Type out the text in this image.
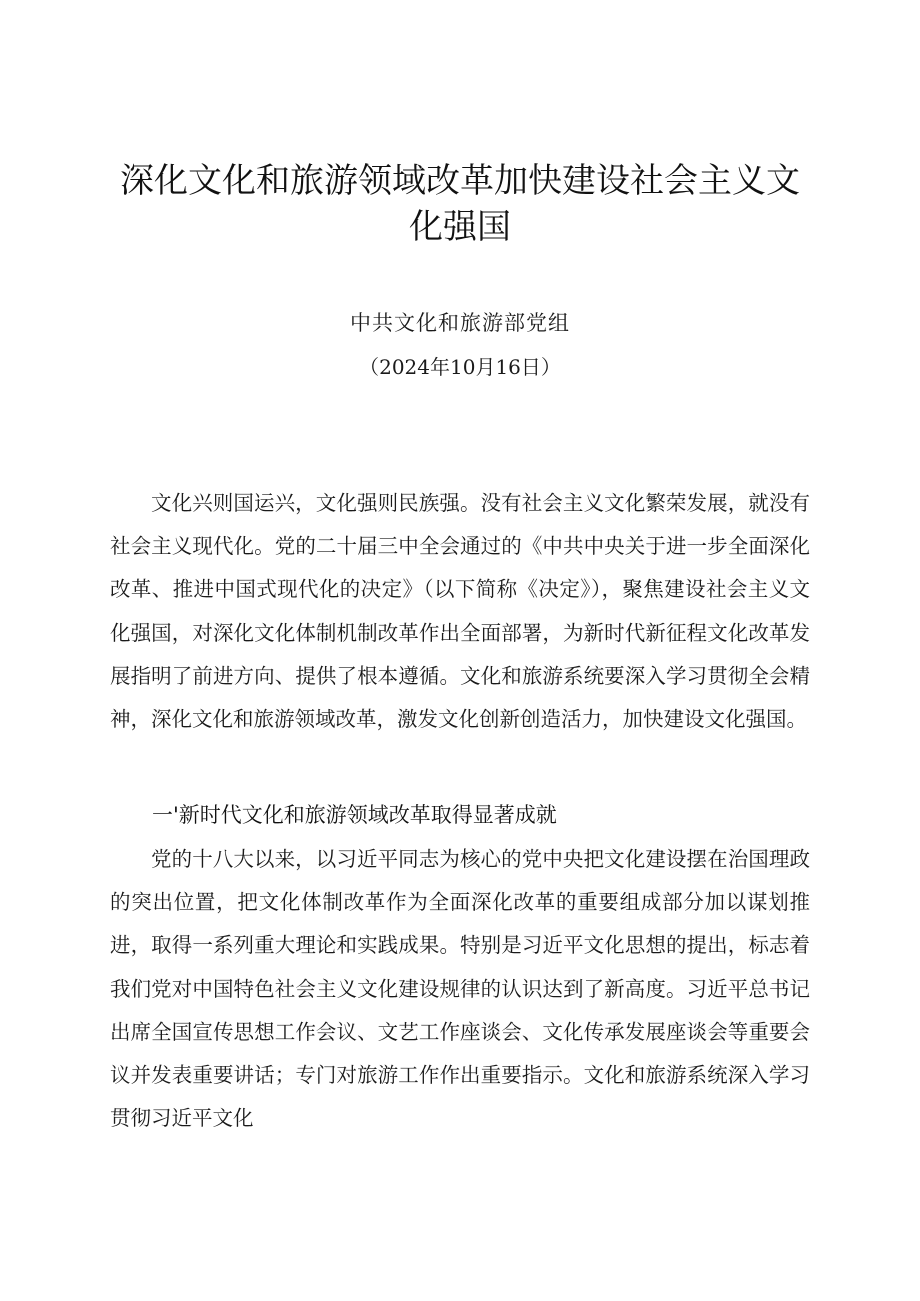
深化文化和旅游领域改革加快建设社会主义文化强国
中共文化和旅游部党组
（2024年10月16日）

文化兴则国运兴，文化强则民族强。没有社会主义文化繁荣发展，就没有社会主义现代化。党的二十届三中全会通过的《中共中央关于进一步全面深化改革、推进中国式现代化的决定》（以下简称《决定》），聚焦建设社会主义文化强国，对深化文化体制机制改革作出全面部署，为新时代新征程文化改革发展指明了前进方向、提供了根本遵循。文化和旅游系统要深入学习贯彻全会精神，深化文化和旅游领域改革，激发文化创新创造活力，加快建设文化强国。

一'新时代文化和旅游领域改革取得显著成就

党的十八大以来，以习近平同志为核心的党中央把文化建设摆在治国理政的突出位置，把文化体制改革作为全面深化改革的重要组成部分加以谋划推进，取得一系列重大理论和实践成果。特别是习近平文化思想的提出，标志着我们党对中国特色社会主义文化建设规律的认识达到了新高度。习近平总书记出席全国宣传思想工作会议、文艺工作座谈会、文化传承发展座谈会等重要会议并发表重要讲话；专门对旅游工作作出重要指示。文化和旅游系统深入学习贯彻习近平文化
